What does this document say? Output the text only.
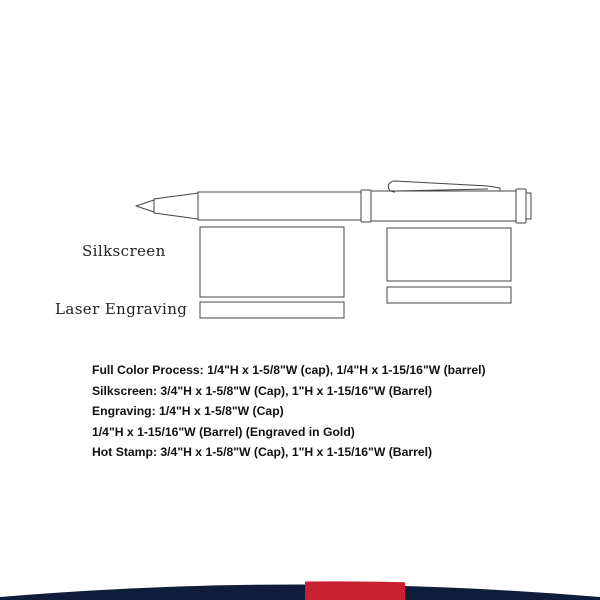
Silkscreen
Laser Engraving
Full Color Process: 1/4"H x 1-5/8"W (cap), 1/4"H x 1-15/16"W (barrel)
Silkscreen: 3/4"H x 1-5/8"W (Cap), 1"H x 1-15/16"W (Barrel)
Engraving: 1/4"H x 1-5/8"W (Cap)
1/4"H x 1-15/16"W (Barrel) (Engraved in Gold)
Hot Stamp: 3/4"H x 1-5/8"W (Cap), 1"H x 1-15/16"W (Barrel)
